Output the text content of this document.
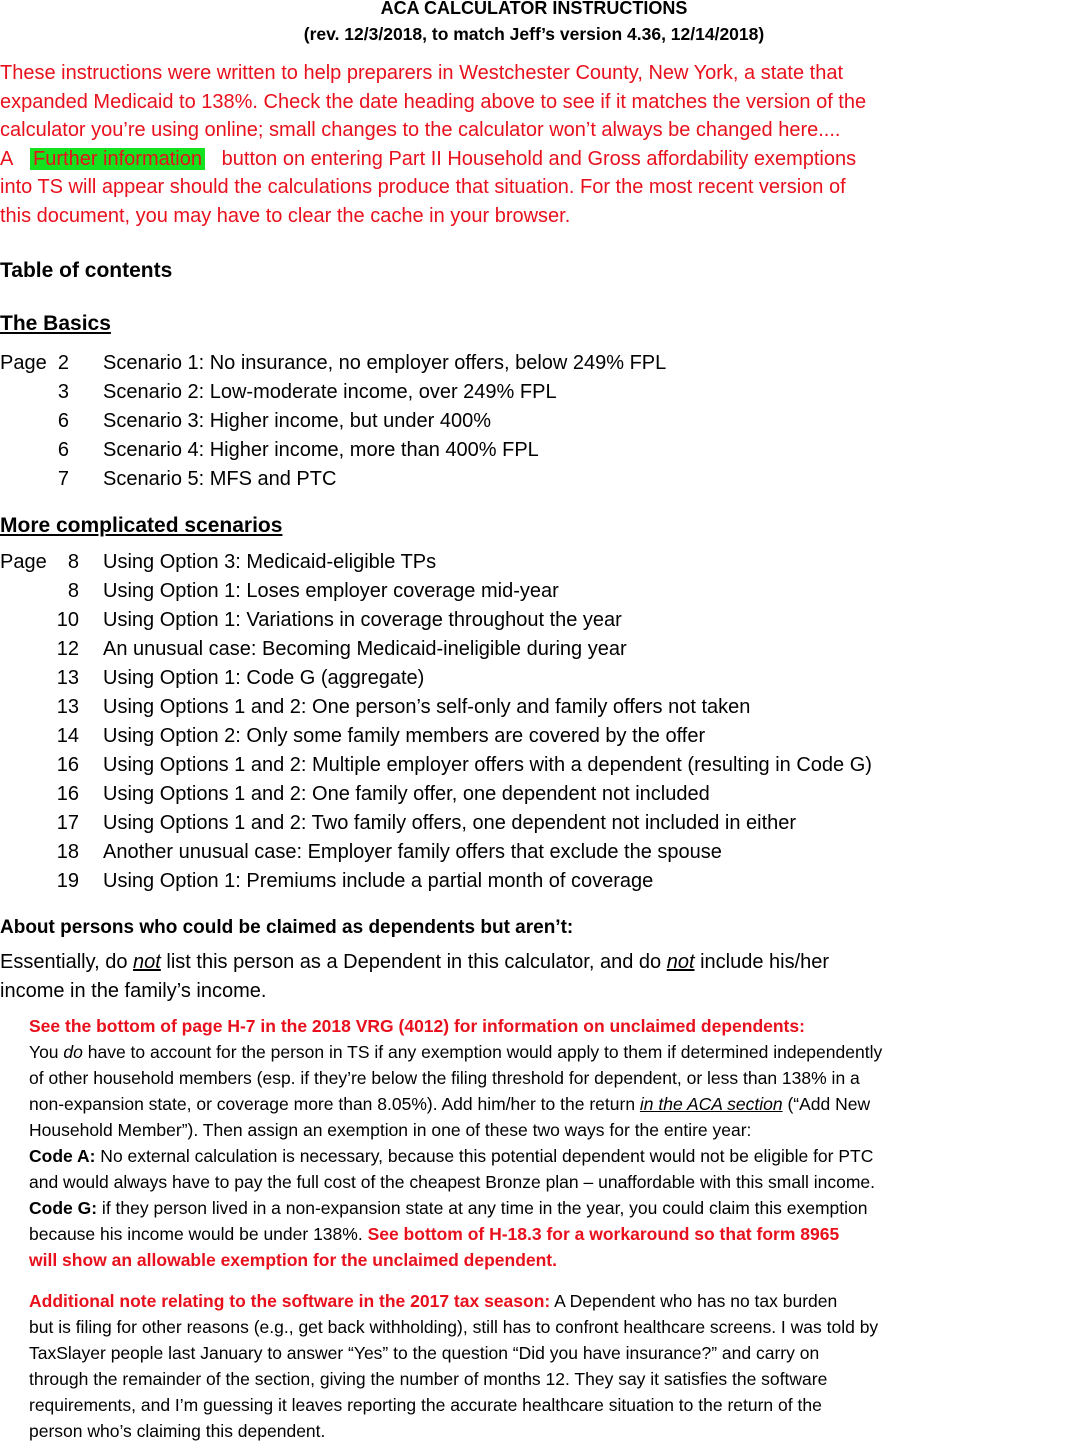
ACA CALCULATOR INSTRUCTIONS
(rev. 12/3/2018, to match Jeff’s version 4.36, 12/14/2018)
These instructions were written to help preparers in Westchester County, New York, a state that
expanded Medicaid to 138%. Check the date heading above to see if it matches the version of the
calculator you’re using online; small changes to the calculator won’t always be changed here....
A Further information button on entering Part II Household and Gross affordability exemptions
into TS will appear should the calculations produce that situation. For the most recent version of
this document, you may have to clear the cache in your browser.
Table of contents
The Basics
Page 2 Scenario 1: No insurance, no employer offers, below 249% FPL
3 Scenario 2: Low-moderate income, over 249% FPL
6 Scenario 3: Higher income, but under 400%
6 Scenario 4: Higher income, more than 400% FPL
7 Scenario 5: MFS and PTC
More complicated scenarios
Page	8 Using Option 3: Medicaid-eligible TPs
8 Using Option 1: Loses employer coverage mid-year
10 Using Option 1: Variations in coverage throughout the year
12 An unusual case: Becoming Medicaid-ineligible during year
13 Using Option 1: Code G (aggregate)
13 Using Options 1 and 2: One person’s self-only and family offers not taken
14 Using Option 2: Only some family members are covered by the offer
16 Using Options 1 and 2: Multiple employer offers with a dependent (resulting in Code G)
16 Using Options 1 and 2: One family offer, one dependent not included
17 Using Options 1 and 2: Two family offers, one dependent not included in either
18 Another unusual case: Employer family offers that exclude the spouse
19 Using Option 1: Premiums include a partial month of coverage
About persons who could be claimed as dependents but aren’t:
Essentially, do not list this person as a Dependent in this calculator, and do not include his/her
income in the family’s income.
See the bottom of page H-7 in the 2018 VRG (4012) for information on unclaimed dependents:
You do have to account for the person in TS if any exemption would apply to them if determined independently
of other household members (esp. if they’re below the filing threshold for dependent, or less than 138% in a
non-expansion state, or coverage more than 8.05%). Add him/her to the return in the ACA section (“Add New
Household Member”). Then assign an exemption in one of these two ways for the entire year:
Code A: No external calculation is necessary, because this potential dependent would not be eligible for PTC
and would always have to pay the full cost of the cheapest Bronze plan – unaffordable with this small income.
Code G: if they person lived in a non-expansion state at any time in the year, you could claim this exemption
because his income would be under 138%. See bottom of H-18.3 for a workaround so that form 8965
will show an allowable exemption for the unclaimed dependent.
Additional note relating to the software in the 2017 tax season: A Dependent who has no tax burden
but is filing for other reasons (e.g., get back withholding), still has to confront healthcare screens. I was told by
TaxSlayer people last January to answer “Yes” to the question “Did you have insurance?” and carry on
through the remainder of the section, giving the number of months 12. They say it satisfies the software
requirements, and I’m guessing it leaves reporting the accurate healthcare situation to the return of the
person who’s claiming this dependent.
